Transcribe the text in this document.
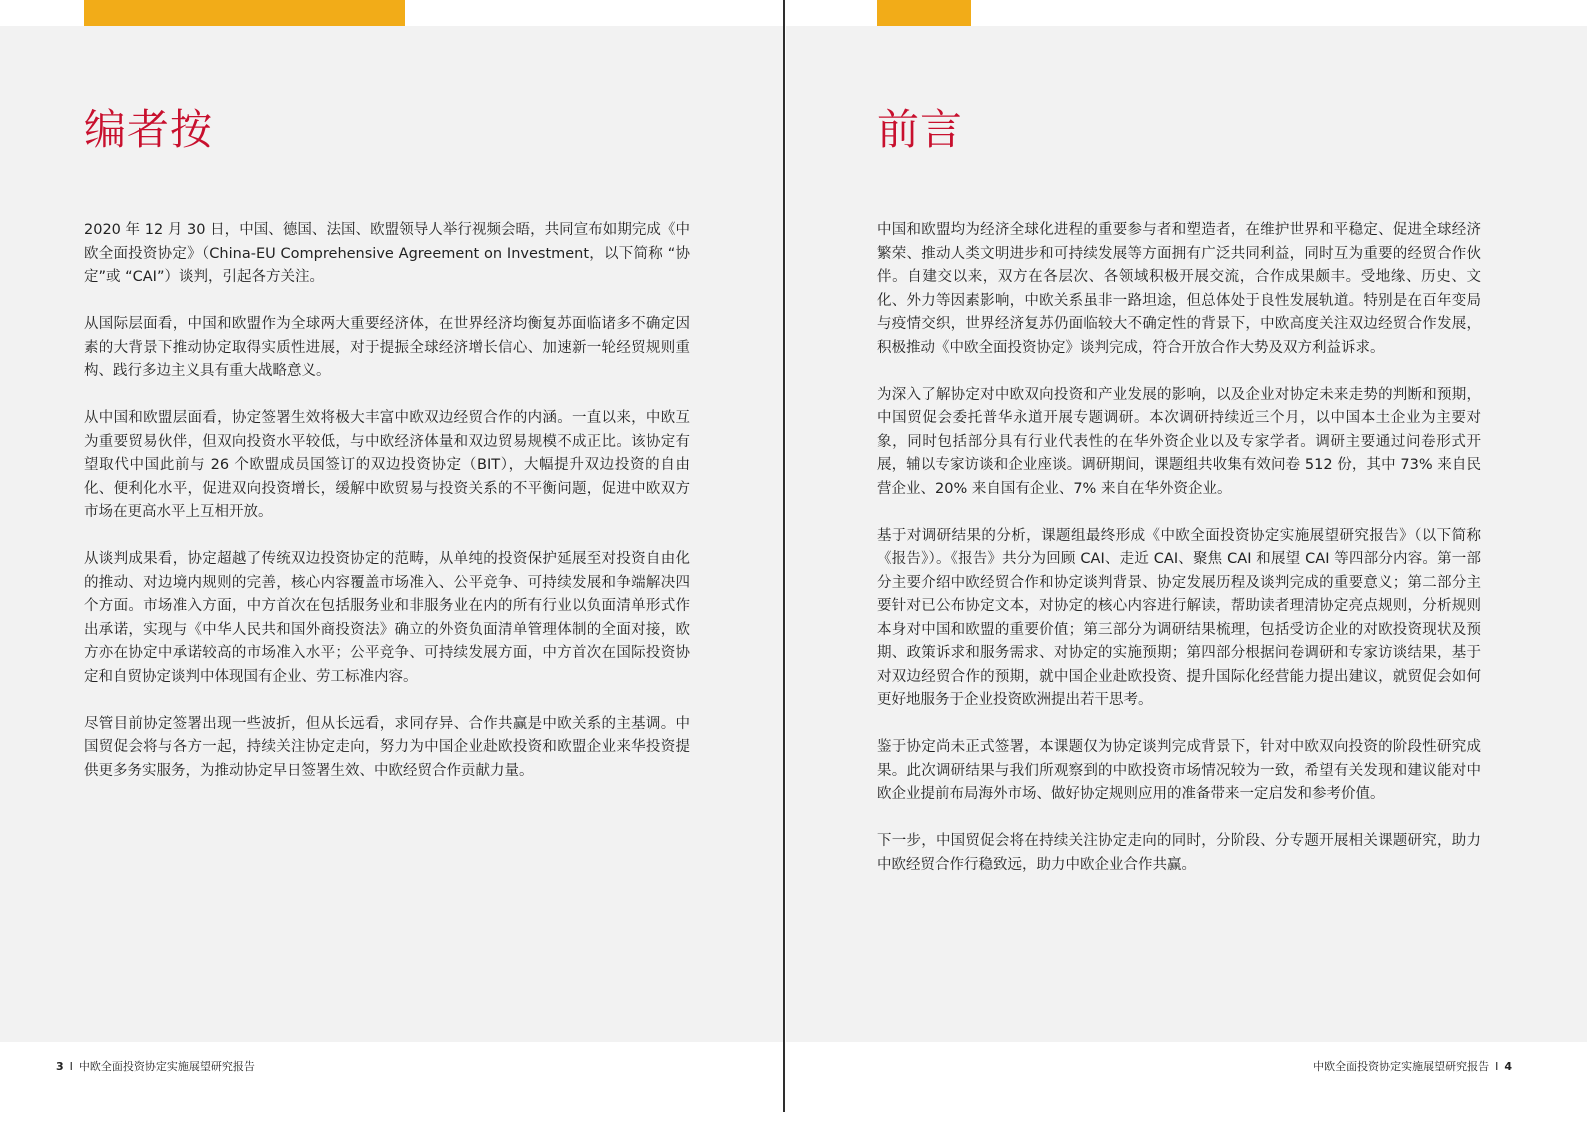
编者按

2020 年 12 月 30 日，中国、德国、法国、欧盟领导人举行视频会晤，共同宣布如期完成《中欧全面投资协定》（China-EU Comprehensive Agreement on Investment，以下简称 “协定”或 “CAI”）谈判，引起各方关注。

从国际层面看，中国和欧盟作为全球两大重要经济体，在世界经济均衡复苏面临诸多不确定因素的大背景下推动协定取得实质性进展，对于提振全球经济增长信心、加速新一轮经贸规则重构、践行多边主义具有重大战略意义。

从中国和欧盟层面看，协定签署生效将极大丰富中欧双边经贸合作的内涵。一直以来，中欧互为重要贸易伙伴，但双向投资水平较低，与中欧经济体量和双边贸易规模不成正比。该协定有望取代中国此前与 26 个欧盟成员国签订的双边投资协定（BIT），大幅提升双边投资的自由化、便利化水平，促进双向投资增长，缓解中欧贸易与投资关系的不平衡问题，促进中欧双方市场在更高水平上互相开放。

从谈判成果看，协定超越了传统双边投资协定的范畴，从单纯的投资保护延展至对投资自由化的推动、对边境内规则的完善，核心内容覆盖市场准入、公平竞争、可持续发展和争端解决四个方面。市场准入方面，中方首次在包括服务业和非服务业在内的所有行业以负面清单形式作出承诺，实现与《中华人民共和国外商投资法》确立的外资负面清单管理体制的全面对接，欧方亦在协定中承诺较高的市场准入水平；公平竞争、可持续发展方面，中方首次在国际投资协定和自贸协定谈判中体现国有企业、劳工标准内容。

尽管目前协定签署出现一些波折，但从长远看，求同存异、合作共赢是中欧关系的主基调。中国贸促会将与各方一起，持续关注协定走向，努力为中国企业赴欧投资和欧盟企业来华投资提供更多务实服务，为推动协定早日签署生效、中欧经贸合作贡献力量。

3 I 中欧全面投资协定实施展望研究报告
前言

中国和欧盟均为经济全球化进程的重要参与者和塑造者，在维护世界和平稳定、促进全球经济繁荣、推动人类文明进步和可持续发展等方面拥有广泛共同利益，同时互为重要的经贸合作伙伴。自建交以来，双方在各层次、各领域积极开展交流，合作成果颇丰。受地缘、历史、文化、外力等因素影响，中欧关系虽非一路坦途，但总体处于良性发展轨道。特别是在百年变局与疫情交织，世界经济复苏仍面临较大不确定性的背景下，中欧高度关注双边经贸合作发展，积极推动《中欧全面投资协定》谈判完成，符合开放合作大势及双方利益诉求。

为深入了解协定对中欧双向投资和产业发展的影响，以及企业对协定未来走势的判断和预期，中国贸促会委托普华永道开展专题调研。本次调研持续近三个月，以中国本土企业为主要对象，同时包括部分具有行业代表性的在华外资企业以及专家学者。调研主要通过问卷形式开展，辅以专家访谈和企业座谈。调研期间，课题组共收集有效问卷 512 份，其中 73% 来自民营企业、20% 来自国有企业、7% 来自在华外资企业。

基于对调研结果的分析，课题组最终形成《中欧全面投资协定实施展望研究报告》（以下简称《报告》）。《报告》共分为回顾 CAI、走近 CAI、聚焦 CAI 和展望 CAI 等四部分内容。第一部分主要介绍中欧经贸合作和协定谈判背景、协定发展历程及谈判完成的重要意义；第二部分主要针对已公布协定文本，对协定的核心内容进行解读，帮助读者理清协定亮点规则，分析规则本身对中国和欧盟的重要价值；第三部分为调研结果梳理，包括受访企业的对欧投资现状及预期、政策诉求和服务需求、对协定的实施预期；第四部分根据问卷调研和专家访谈结果，基于对双边经贸合作的预期，就中国企业赴欧投资、提升国际化经营能力提出建议，就贸促会如何更好地服务于企业投资欧洲提出若干思考。

鉴于协定尚未正式签署，本课题仅为协定谈判完成背景下，针对中欧双向投资的阶段性研究成果。此次调研结果与我们所观察到的中欧投资市场情况较为一致，希望有关发现和建议能对中欧企业提前布局海外市场、做好协定规则应用的准备带来一定启发和参考价值。

下一步，中国贸促会将在持续关注协定走向的同时，分阶段、分专题开展相关课题研究，助力中欧经贸合作行稳致远，助力中欧企业合作共赢。

中欧全面投资协定实施展望研究报告 I 4
